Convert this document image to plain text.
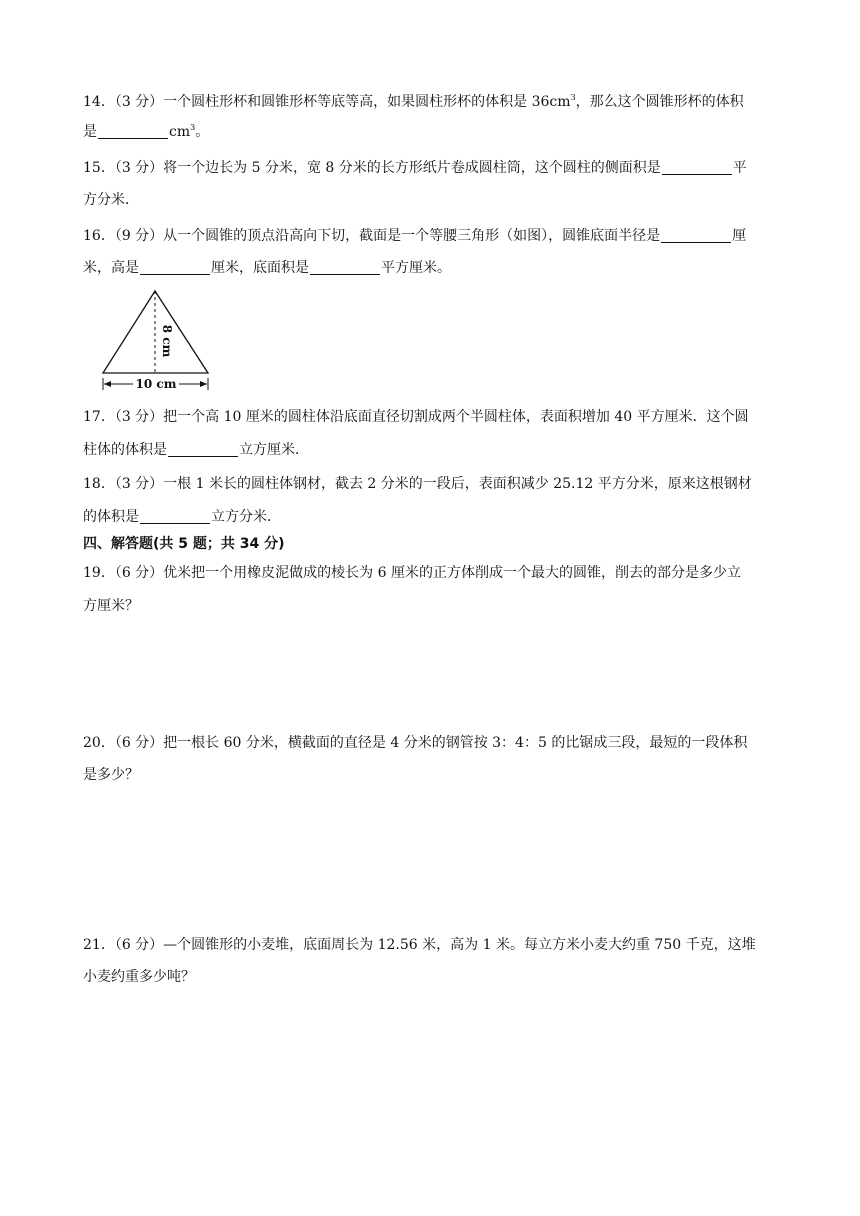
14．（3 分）一个圆柱形杯和圆锥形杯等底等高，如果圆柱形杯的体积是 $36cm^3$，那么这个圆锥形杯的体积
是	$cm^3$。
15．（3 分）将一个边长为 5 分米，宽 8 分米的长方形纸片卷成圆柱筒，这个圆柱的侧面积是	平
方分米．
16．（9 分）从一个圆锥的顶点沿高向下切，截面是一个等腰三角形（如图），圆锥底面半径是	厘
米，高是	厘米，底面积是	平方厘米。
8 cm
10 cm
17．（3 分）把一个高 10 厘米的圆柱体沿底面直径切割成两个半圆柱体，表面积增加 40 平方厘米．这个圆
柱体的体积是	立方厘米．
18．（3 分）一根 1 米长的圆柱体钢材，截去 2 分米的一段后，表面积减少 25.12 平方分米，原来这根钢材
的体积是	立方分米．
四、解答题(共 5 题；共 34 分)
19．（6 分）优米把一个用橡皮泥做成的棱长为 6 厘米的正方体削成一个最大的圆锥，削去的部分是多少立
方厘米？
20．（6 分）把一根长 60 分米，横截面的直径是 4 分米的钢管按 3：4：5 的比锯成三段，最短的一段体积
是多少？
21．（6 分）—个圆锥形的小麦堆，底面周长为 12.56 米，高为 1 米。每立方米小麦大约重 750 千克，这堆
小麦约重多少吨？
